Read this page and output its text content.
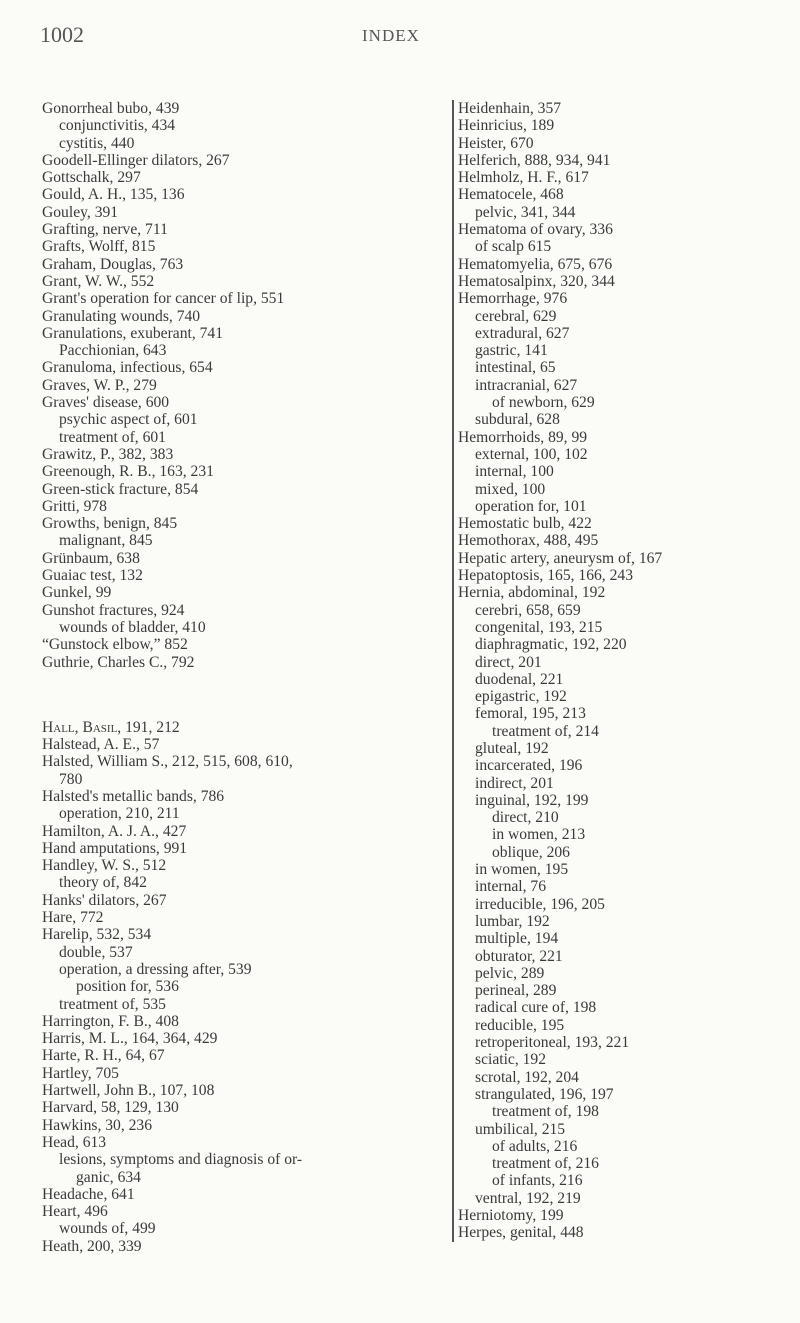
1002	INDEX
Gonorrheal bubo, 439
conjunctivitis, 434
cystitis, 440
Goodell-Ellinger dilators, 267
Gottschalk, 297
Gould, A. H., 135, 136
Gouley, 391
Grafting, nerve, 711
Grafts, Wolff, 815
Graham, Douglas, 763
Grant, W. W., 552
Grant's operation for cancer of lip, 551
Granulating wounds, 740
Granulations, exuberant, 741
Pacchionian, 643
Granuloma, infectious, 654
Graves, W. P., 279
Graves' disease, 600
psychic aspect of, 601
treatment of, 601
Grawitz, P., 382, 383
Greenough, R. B., 163, 231
Green-stick fracture, 854
Gritti, 978
Growths, benign, 845
malignant, 845
Grünbaum, 638
Guaiac test, 132
Gunkel, 99
Gunshot fractures, 924
wounds of bladder, 410
“Gunstock elbow,” 852
Guthrie, Charles C., 792
Hall, Basil, 191, 212
Halstead, A. E., 57
Halsted, William S., 212, 515, 608, 610,
780
Halsted's metallic bands, 786
operation, 210, 211
Hamilton, A. J. A., 427
Hand amputations, 991
Handley, W. S., 512
theory of, 842
Hanks' dilators, 267
Hare, 772
Harelip, 532, 534
double, 537
operation, a dressing after, 539
position for, 536
treatment of, 535
Harrington, F. B., 408
Harris, M. L., 164, 364, 429
Harte, R. H., 64, 67
Hartley, 705
Hartwell, John B., 107, 108
Harvard, 58, 129, 130
Hawkins, 30, 236
Head, 613
lesions, symptoms and diagnosis of or-
ganic, 634
Headache, 641
Heart, 496
wounds of, 499
Heath, 200, 339
Heidenhain, 357
Heinricius, 189
Heister, 670
Helferich, 888, 934, 941
Helmholz, H. F., 617
Hematocele, 468
pelvic, 341, 344
Hematoma of ovary, 336
of scalp 615
Hematomyelia, 675, 676
Hematosalpinx, 320, 344
Hemorrhage, 976
cerebral, 629
extradural, 627
gastric, 141
intestinal, 65
intracranial, 627
of newborn, 629
subdural, 628
Hemorrhoids, 89, 99
external, 100, 102
internal, 100
mixed, 100
operation for, 101
Hemostatic bulb, 422
Hemothorax, 488, 495
Hepatic artery, aneurysm of, 167
Hepatoptosis, 165, 166, 243
Hernia, abdominal, 192
cerebri, 658, 659
congenital, 193, 215
diaphragmatic, 192, 220
direct, 201
duodenal, 221
epigastric, 192
femoral, 195, 213
treatment of, 214
gluteal, 192
incarcerated, 196
indirect, 201
inguinal, 192, 199
direct, 210
in women, 213
oblique, 206
in women, 195
internal, 76
irreducible, 196, 205
lumbar, 192
multiple, 194
obturator, 221
pelvic, 289
perineal, 289
radical cure of, 198
reducible, 195
retroperitoneal, 193, 221
sciatic, 192
scrotal, 192, 204
strangulated, 196, 197
treatment of, 198
umbilical, 215
of adults, 216
treatment of, 216
of infants, 216
ventral, 192, 219
Herniotomy, 199
Herpes, genital, 448
